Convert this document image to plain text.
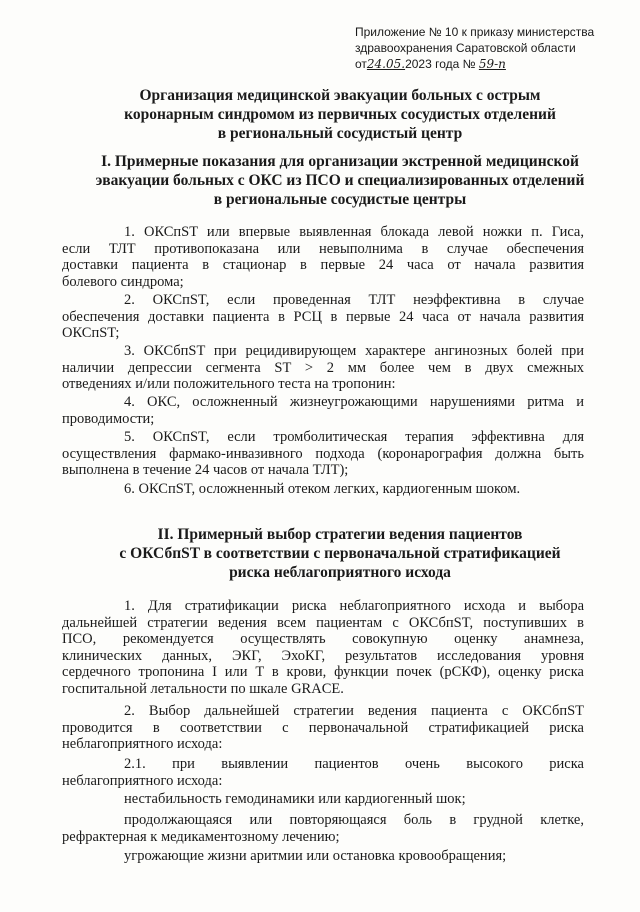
Приложение № 10 к приказу министерства
здравоохранения Саратовской области
от24.05.2023 года № 59-п
Организация медицинской эвакуации больных с острым
коронарным синдромом из первичных сосудистых отделений
в региональный сосудистый центр
I. Примерные показания для организации экстренной медицинской
эвакуации больных с ОКС из ПСО и специализированных отделений
в региональные сосудистые центры
1. ОКСпST или впервые выявленная блокада левой ножки п. Гиса,
если ТЛТ противопоказана или невыполнима в случае обеспечения
доставки пациента в стационар в первые 24 часа от начала развития
болевого синдрома;
2. ОКСпST, если проведенная ТЛТ неэффективна в случае
обеспечения доставки пациента в РСЦ в первые 24 часа от начала развития
ОКСпST;
3. ОКСбпST при рецидивирующем характере ангинозных болей при
наличии депрессии сегмента ST > 2 мм более чем в двух смежных
отведениях и/или положительного теста на тропонин:
4. ОКС, осложненный жизнеугрожающими нарушениями ритма и
проводимости;
5. ОКСпST, если тромболитическая терапия эффективна для
осуществления фармако-инвазивного подхода (коронарография должна быть
выполнена в течение 24 часов от начала ТЛТ);
6. ОКСпST, осложненный отеком легких, кардиогенным шоком.
II. Примерный выбор стратегии ведения пациентов
с ОКСбпST в соответствии с первоначальной стратификацией
риска неблагоприятного исхода
1. Для стратификации риска неблагоприятного исхода и выбора
дальнейшей стратегии ведения всем пациентам с ОКСбпST, поступивших в
ПСО, рекомендуется осуществлять совокупную оценку анамнеза,
клинических данных, ЭКГ, ЭхоКГ, результатов исследования уровня
сердечного тропонина I или T в крови, функции почек (рСКФ), оценку риска
госпитальной летальности по шкале GRACE.
2. Выбор дальнейшей стратегии ведения пациента с ОКСбпST
проводится в соответствии с первоначальной стратификацией риска
неблагоприятного исхода:
2.1. при выявлении пациентов очень высокого риска
неблагоприятного исхода:
нестабильность гемодинамики или кардиогенный шок;
продолжающаяся или повторяющаяся боль в грудной клетке,
рефрактерная к медикаментозному лечению;
угрожающие жизни аритмии или остановка кровообращения;
